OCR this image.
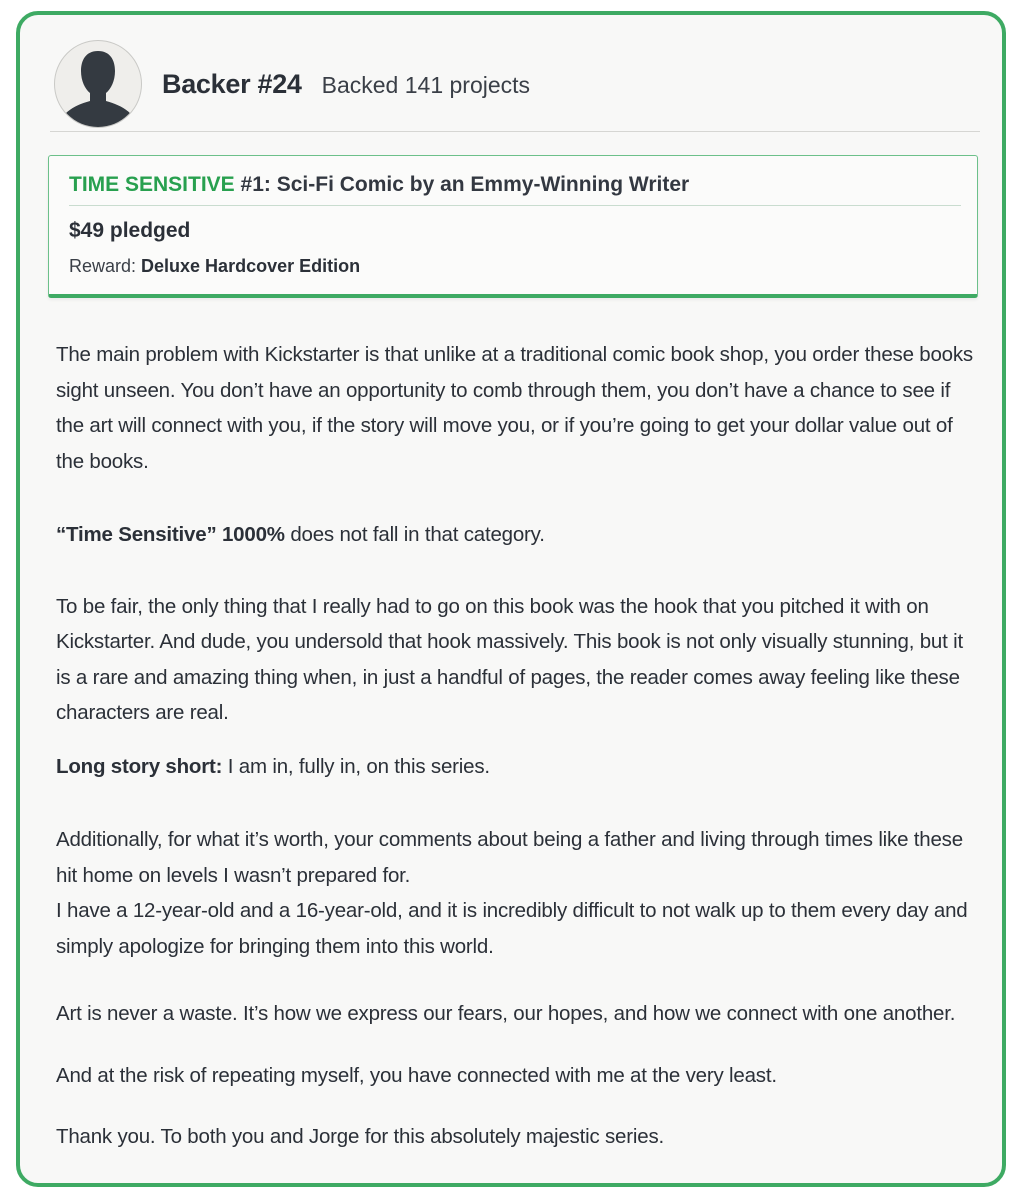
Backer #24 Backed 141 projects
TIME SENSITIVE #1: Sci-Fi Comic by an Emmy-Winning Writer
$49 pledged
Reward: Deluxe Hardcover Edition

The main problem with Kickstarter is that unlike at a traditional comic book shop, you order these books sight unseen. You don’t have an opportunity to comb through them, you don’t have a chance to see if the art will connect with you, if the story will move you, or if you’re going to get your dollar value out of the books.

“Time Sensitive” 1000% does not fall in that category.

To be fair, the only thing that I really had to go on this book was the hook that you pitched it with on Kickstarter. And dude, you undersold that hook massively. This book is not only visually stunning, but it is a rare and amazing thing when, in just a handful of pages, the reader comes away feeling like these characters are real.

Long story short: I am in, fully in, on this series.

Additionally, for what it’s worth, your comments about being a father and living through times like these hit home on levels I wasn’t prepared for.

I have a 12-year-old and a 16-year-old, and it is incredibly difficult to not walk up to them every day and simply apologize for bringing them into this world.

Art is never a waste. It’s how we express our fears, our hopes, and how we connect with one another.

And at the risk of repeating myself, you have connected with me at the very least.

Thank you. To both you and Jorge for this absolutely majestic series.
